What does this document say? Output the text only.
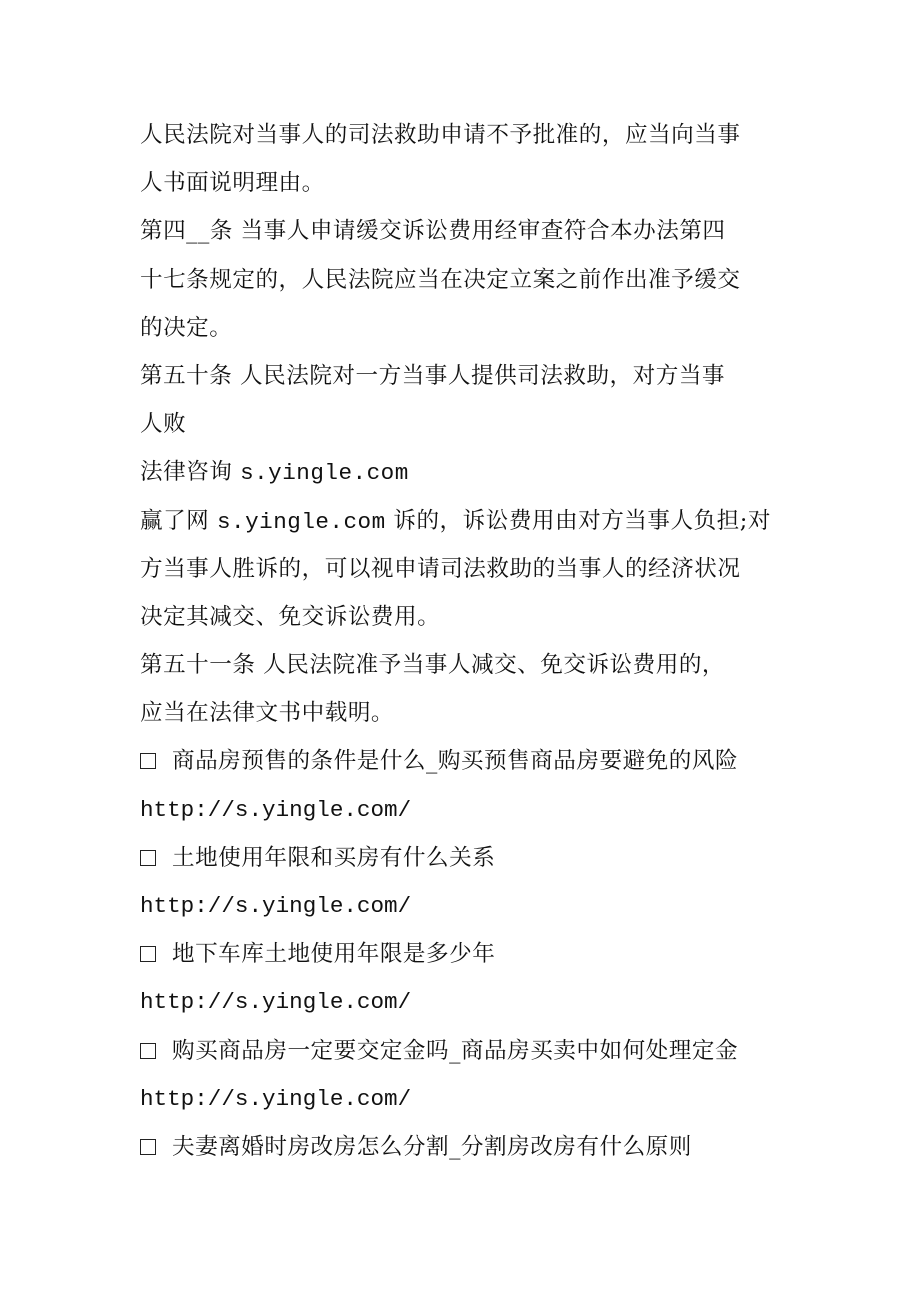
人民法院对当事人的司法救助申请不予批准的，应当向当事
人书面说明理由。
第四__条 当事人申请缓交诉讼费用经审查符合本办法第四
十七条规定的，人民法院应当在决定立案之前作出准予缓交
的决定。
第五十条 人民法院对一方当事人提供司法救助，对方当事
人败
法律咨询 s.yingle.com
赢了网 s.yingle.com 诉的，诉讼费用由对方当事人负担;对
方当事人胜诉的，可以视申请司法救助的当事人的经济状况
决定其减交、免交诉讼费用。
第五十一条 人民法院准予当事人减交、免交诉讼费用的，
应当在法律文书中载明。
商品房预售的条件是什么_购买预售商品房要避免的风险
http://s.yingle.com/
土地使用年限和买房有什么关系
http://s.yingle.com/
地下车库土地使用年限是多少年
http://s.yingle.com/
购买商品房一定要交定金吗_商品房买卖中如何处理定金
http://s.yingle.com/
夫妻离婚时房改房怎么分割_分割房改房有什么原则
